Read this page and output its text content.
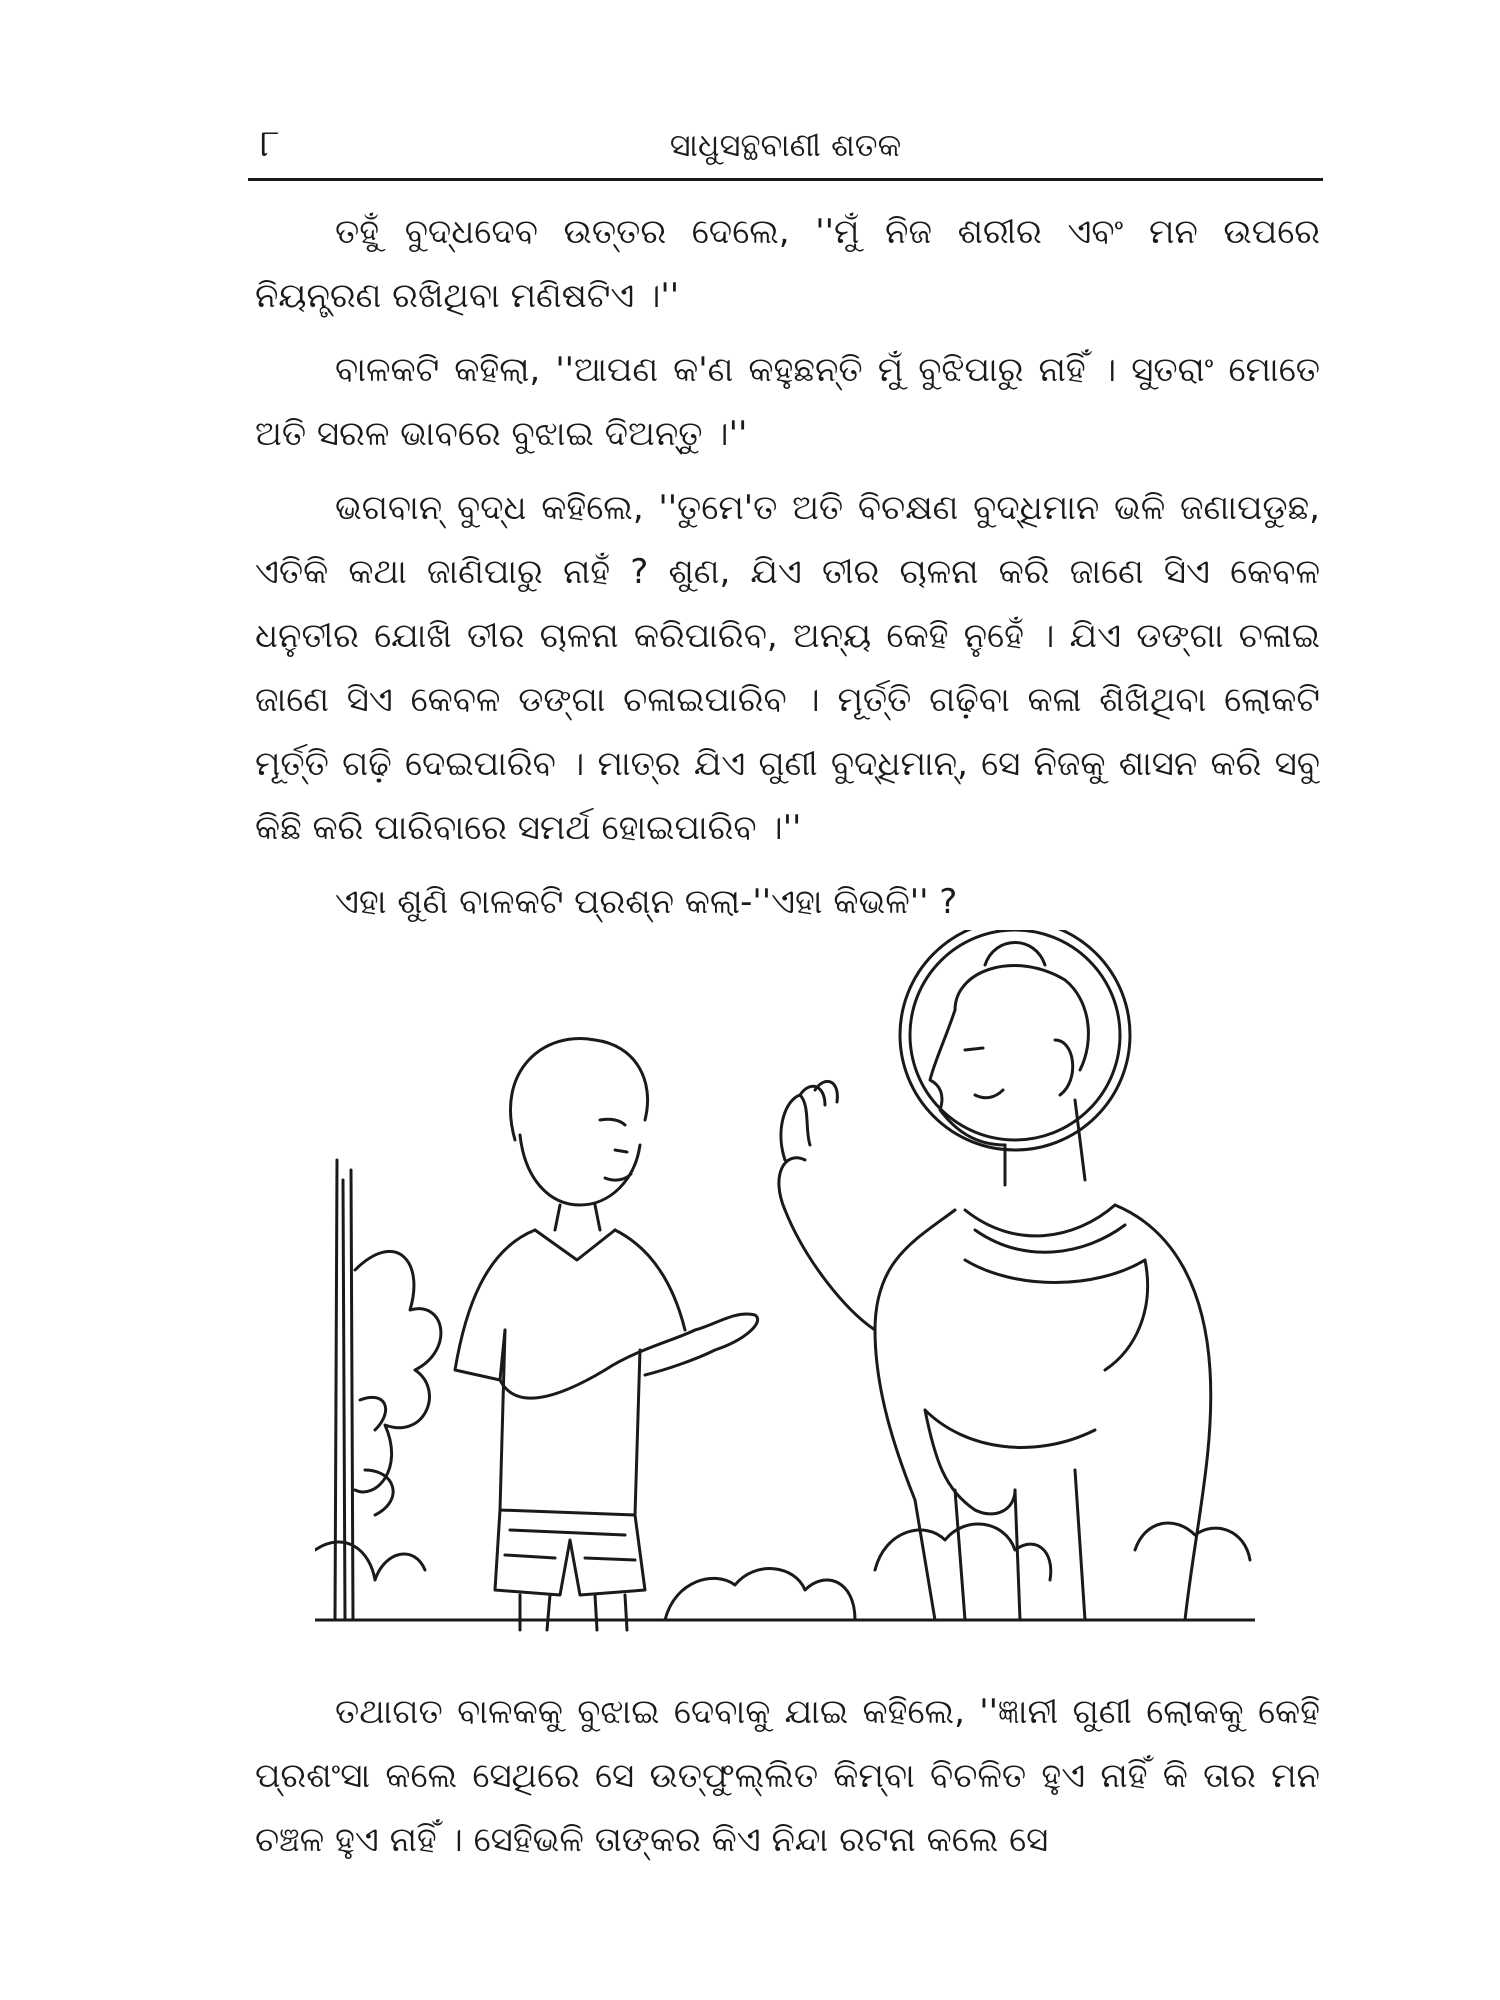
୮	ସାଧୁସନ୍ଥବାଣୀ ଶତକ

ତହୁଁ ବୁଦ୍ଧଦେବ ଉତ୍ତର ଦେଲେ, ''ମୁଁ ନିଜ ଶରୀର ଏବଂ ମନ ଉପରେ ନିୟନ୍ତ୍ରଣ ରଖିଥିବା ମଣିଷଟିଏ ।''

ବାଳକଟି କହିଲା, ''ଆପଣ କ'ଣ କହୁଛନ୍ତି ମୁଁ ବୁଝିପାରୁ ନାହିଁ । ସୁତରାଂ ମୋତେ ଅତି ସରଳ ଭାବରେ ବୁଝାଇ ଦିଅନ୍ତୁ ।''

ଭଗବାନ୍ ବୁଦ୍ଧ କହିଲେ, ''ତୁମେ'ତ ଅତି ବିଚକ୍ଷଣ ବୁଦ୍ଧିମାନ ଭଳି ଜଣାପଡୁଛ, ଏତିକି କଥା ଜାଣିପାରୁ ନାହଁ ? ଶୁଣ, ଯିଏ ତୀର ଚାଳନା କରି ଜାଣେ ସିଏ କେବଳ ଧନୁତୀର ଯୋଖି ତୀର ଚାଳନା କରିପାରିବ, ଅନ୍ୟ କେହି ନୁହେଁ । ଯିଏ ଡଙ୍ଗା ଚଳାଇ ଜାଣେ ସିଏ କେବଳ ଡଙ୍ଗା ଚଳାଇପାରିବ । ମୂର୍ତ୍ତି ଗଢ଼ିବା କଳା ଶିଖିଥିବା ଲୋକଟି ମୂର୍ତ୍ତି ଗଢ଼ି ଦେଇପାରିବ । ମାତ୍ର ଯିଏ ଗୁଣୀ ବୁଦ୍ଧିମାନ୍, ସେ ନିଜକୁ ଶାସନ କରି ସବୁ କିଛି କରି ପାରିବାରେ ସମର୍ଥ ହୋଇପାରିବ ।''

ଏହା ଶୁଣି ବାଳକଟି ପ୍ରଶ୍ନ କଲା-''ଏହା କିଭଳି'' ?

ତଥାଗତ ବାଳକକୁ ବୁଝାଇ ଦେବାକୁ ଯାଇ କହିଲେ, ''ଜ୍ଞାନୀ ଗୁଣୀ ଲୋକକୁ କେହି ପ୍ରଶଂସା କଲେ ସେଥିରେ ସେ ଉତ୍‌ଫୁଲ୍ଲିତ କିମ୍ବା ବିଚଳିତ ହୁଏ ନାହିଁ କି ତାର ମନ ଚଞ୍ଚଳ ହୁଏ ନାହିଁ । ସେହିଭଳି ତାଙ୍କର କିଏ ନିନ୍ଦା ରଟନା କଲେ ସେ
